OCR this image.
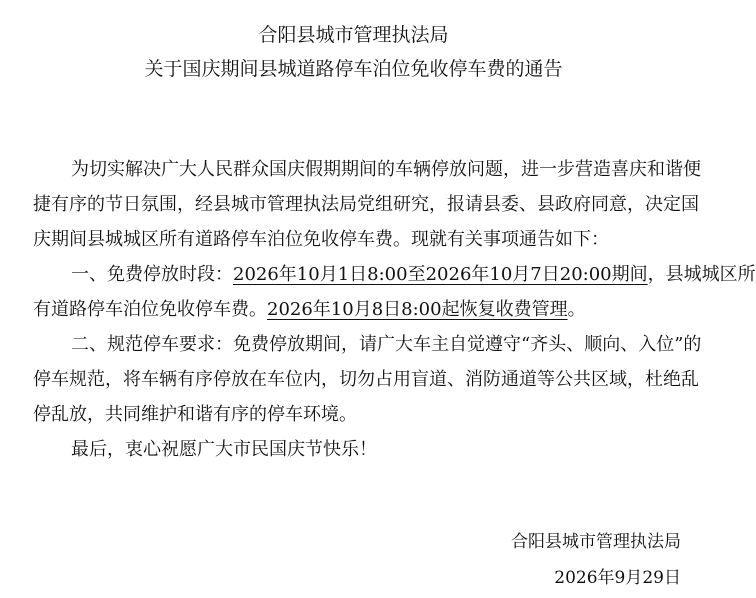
合阳县城市管理执法局
关于国庆期间县城道路停车泊位免收停车费的通告
为切实解决广大人民群众国庆假期期间的车辆停放问题，进一步营造喜庆和谐便
捷有序的节日氛围，经县城市管理执法局党组研究，报请县委、县政府同意，决定国
庆期间县城城区所有道路停车泊位免收停车费。现就有关事项通告如下：
一、免费停放时段：2026年10月1日8:00至2026年10月7日20:00期间，县城城区所
有道路停车泊位免收停车费。2026年10月8日8:00起恢复收费管理。
二、规范停车要求：免费停放期间，请广大车主自觉遵守“齐头、顺向、入位”的
停车规范，将车辆有序停放在车位内，切勿占用盲道、消防通道等公共区域，杜绝乱
停乱放，共同维护和谐有序的停车环境。
最后，衷心祝愿广大市民国庆节快乐！
合阳县城市管理执法局
2026年9月29日
